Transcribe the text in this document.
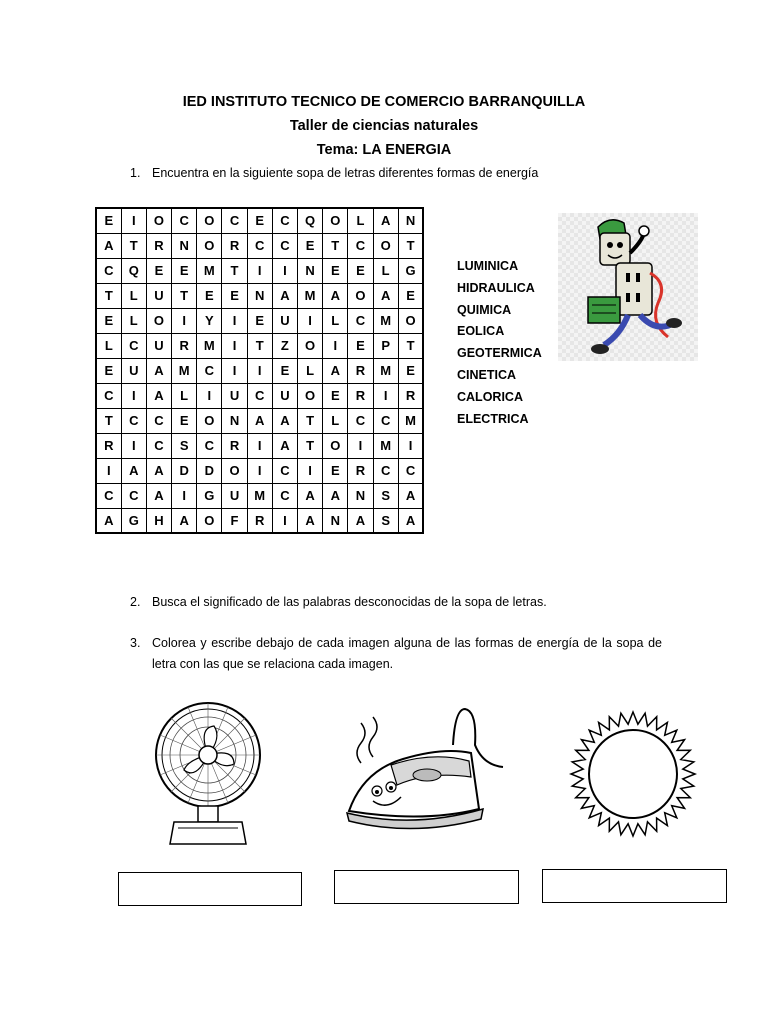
IED INSTITUTO TECNICO DE COMERCIO BARRANQUILLA
Taller de ciencias naturales
Tema: LA ENERGIA
1. Encuentra en la siguiente sopa de letras diferentes formas de energía
E	I	O	C	O	C	E	C	Q	O	L	A	N
A	T	R	N	O	R	C	C	E	T	C	O	T
C	Q	E	E	M	T	I	I	N	E	E	L	G
T	L	U	T	E	E	N	A	M	A	O	A	E
E	L	O	I	Y	I	E	U	I	L	C	M	O
L	C	U	R	M	I	T	Z	O	I	E	P	T
E	U	A	M	C	I	I	E	L	A	R	M	E
C	I	A	L	I	U	C	U	O	E	R	I	R
T	C	C	E	O	N	A	A	T	L	C	C	M
R	I	C	S	C	R	I	A	T	O	I	M	I
I	A	A	D	D	O	I	C	I	E	R	C	C
C	C	A	I	G	U	M	C	A	A	N	S	A
A	G	H	A	O	F	R	I	A	N	A	S	A
LUMINICA
HIDRAULICA
QUIMICA
EOLICA
GEOTERMICA
CINETICA
CALORICA
ELECTRICA
2. Busca el significado de las palabras desconocidas de la sopa de letras.
3. Colorea y escribe debajo de cada imagen alguna de las formas de energía de la sopa de letra con las que se relaciona cada imagen.
